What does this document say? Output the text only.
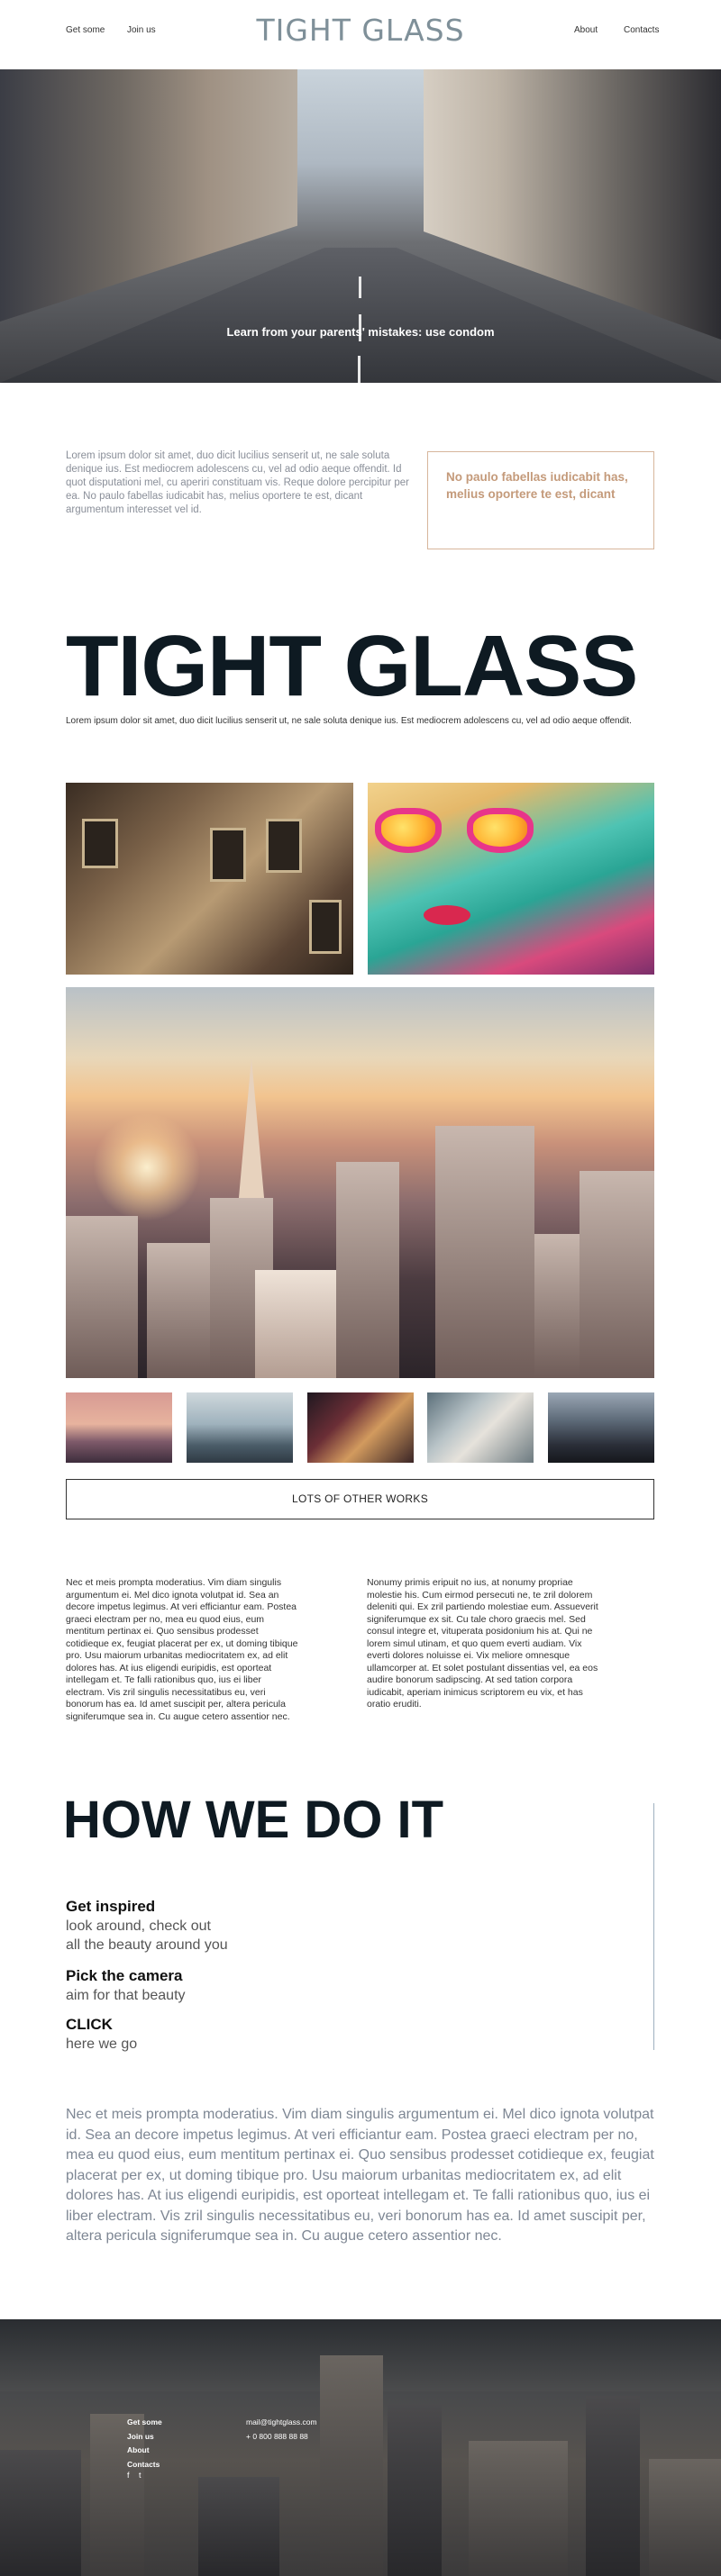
Get some Join us	TIGHT GLASS	About	Contacts
Learn from your parents' mistakes: use condom

Lorem ipsum dolor sit amet, duo dicit lucilius senserit ut, ne sale soluta denique ius. Est mediocrem adolescens cu, vel ad odio aeque offendit. Id quot disputationi mel, cu aperiri constituam vis. Reque dolore percipitur per ea. No paulo fabellas iudicabit has, melius oportere te est, dicant argumentum interesset vel id.

No paulo fabellas iudicabit has, melius oportere te est, dicant

TIGHT GLASS

Lorem ipsum dolor sit amet, duo dicit lucilius senserit ut, ne sale soluta denique ius. Est mediocrem adolescens cu, vel ad odio aeque offendit.

LOTS OF OTHER WORKS

Nec et meis prompta moderatius. Vim diam singulis argumentum ei. Mel dico ignota volutpat id. Sea an decore impetus legimus. At veri efficiantur eam. Postea graeci electram per no, mea eu quod eius, eum mentitum pertinax ei. Quo sensibus prodesset cotidieque ex, feugiat placerat per ex, ut doming tibique pro. Usu maiorum urbanitas mediocritatem ex, ad elit dolores has. At ius eligendi euripidis, est oporteat intellegam et. Te falli rationibus quo, ius ei liber electram. Vis zril singulis necessitatibus eu, veri bonorum has ea. Id amet suscipit per, altera pericula signiferumque sea in. Cu augue cetero assentior nec.

Nonumy primis eripuit no ius, at nonumy propriae molestie his. Cum eirmod persecuti ne, te zril dolorem deleniti qui. Ex zril partiendo molestiae eum. Assueverit signiferumque ex sit. Cu tale choro graecis mel. Sed consul integre et, vituperata posidonium his at. Qui ne lorem simul utinam, et quo quem everti audiam. Vix everti dolores noluisse ei. Vix meliore omnesque ullamcorper at. Et solet postulant dissentias vel, ea eos audire bonorum sadipscing. At sed tation corpora iudicabit, aperiam inimicus scriptorem eu vix, et has oratio eruditi.

HOW WE DO IT
Get inspired
look around, check out
all the beauty around you
Pick the camera
aim for that beauty
CLICK
here we go

Nec et meis prompta moderatius. Vim diam singulis argumentum ei. Mel dico ignota volutpat id. Sea an decore impetus legimus. At veri efficiantur eam. Postea graeci electram per no, mea eu quod eius, eum mentitum pertinax ei. Quo sensibus prodesset cotidieque ex, feugiat placerat per ex, ut doming tibique pro. Usu maiorum urbanitas mediocritatem ex, ad elit dolores has. At ius eligendi euripidis, est oporteat intellegam et. Te falli rationibus quo, ius ei liber electram. Vis zril singulis necessitatibus eu, veri bonorum has ea. Id amet suscipit per, altera pericula signiferumque sea in. Cu augue cetero assentior nec.

Get some
Join us
About
Contacts
f t
mail@tightglass.com
+ 0 800 888 88 88
